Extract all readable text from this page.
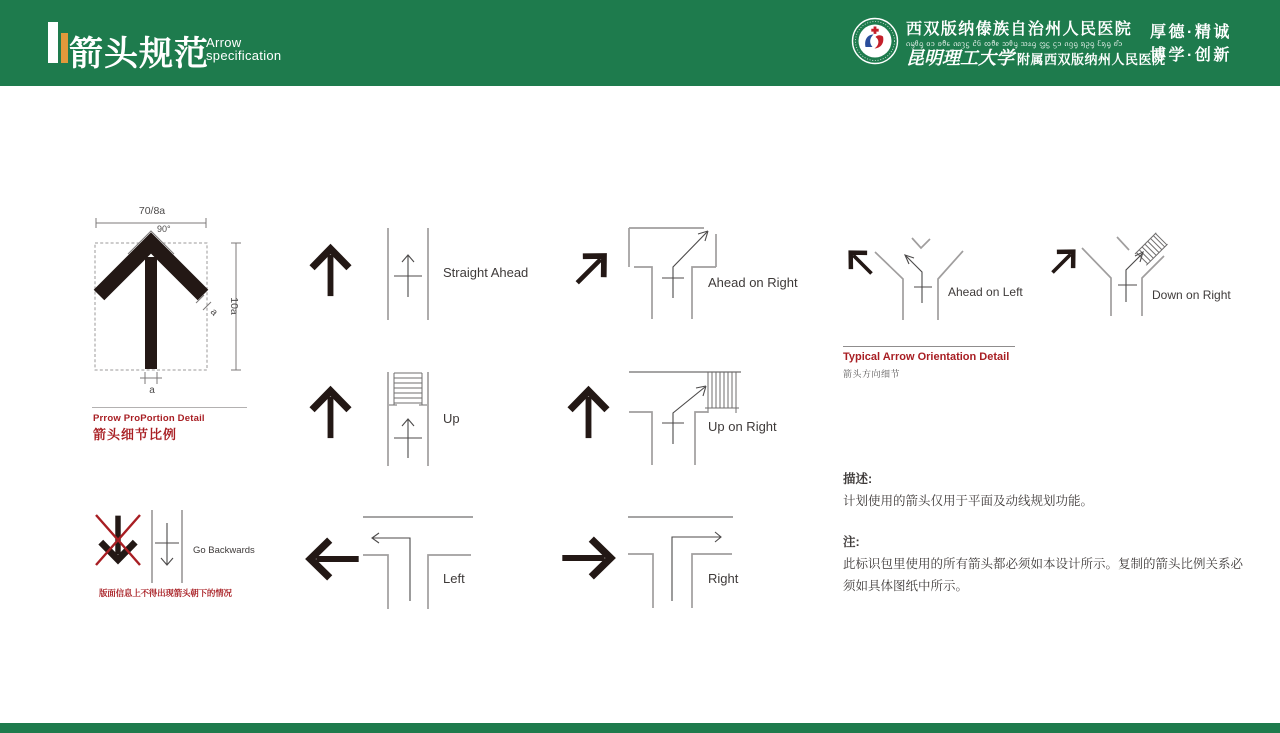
箭头规范
Arrow
specification
西双版纳傣族自治州人民医院
ᦵᦙᦲᧂ ᦞᦱ ᦈᦹᧈ ᦶᦡᧃ ᦺᦑ ᦟᦹᧉ ᦉᦲᧇ ᦉᦸᧂ ᦗᧃ ᦓᦱ ᦵᦋᧂ ᦣᦳᧂ ᦷᦣᧂ ᦊᦱ
昆明理工大学 附属西双版纳州人民医院
厚德·精诚
博学·创新
70/8a
90°
10a
a
a
Prrow ProPortion Detail
箭头细节比例
Go Backwards
版面信息上不得出现箭头朝下的情况
Straight Ahead
Up
Left
Ahead on Right
Up on Right
Right
Ahead on Left	Down on Right
Typical Arrow Orientation Detail
箭头方向细节

描述:

计划使用的箭头仅用于平面及动线规划功能。

注:

此标识包里使用的所有箭头都必须如本设计所示。复制的箭头比例关系必须如具体图纸中所示。
